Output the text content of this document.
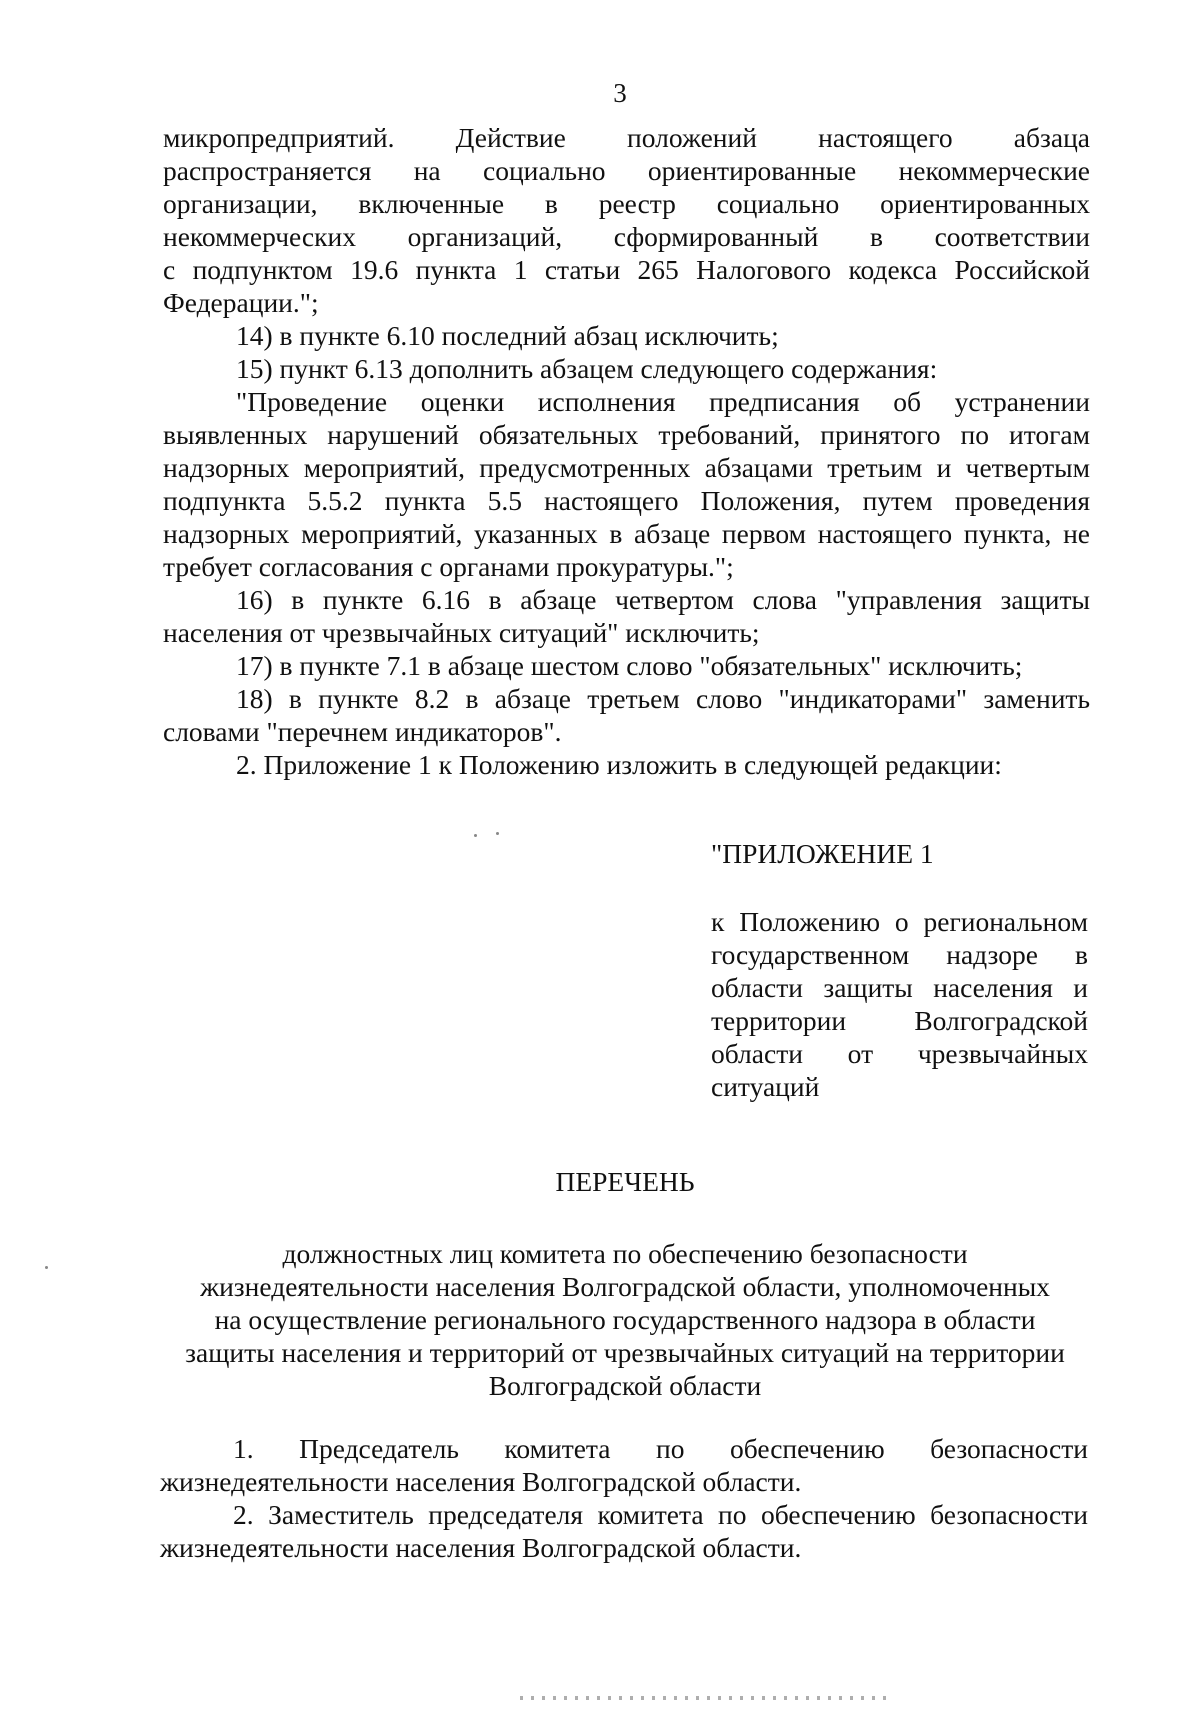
3
микропредприятий. Действие положений настоящего абзаца
распространяется на социально ориентированные некоммерческие
организации, включенные в реестр социально ориентированных
некоммерческих организаций, сформированный в соответствии
с подпунктом 19.6 пункта 1 статьи 265 Налогового кодекса Российской
Федерации.";
14) в пункте 6.10 последний абзац исключить;
15) пункт 6.13 дополнить абзацем следующего содержания:
"Проведение оценки исполнения предписания об устранении выявленных нарушений обязательных требований, принятого по итогам надзорных мероприятий, предусмотренных абзацами третьим и четвертым подпункта 5.5.2 пункта 5.5 настоящего Положения, путем проведения надзорных мероприятий, указанных в абзаце первом настоящего пункта, не требует согласования с органами прокуратуры.";
16) в пункте 6.16 в абзаце четвертом слова "управления защиты населения от чрезвычайных ситуаций" исключить;
17) в пункте 7.1 в абзаце шестом слово "обязательных" исключить;
18) в пункте 8.2 в абзаце третьем слово "индикаторами" заменить словами "перечнем индикаторов".
2. Приложение 1 к Положению изложить в следующей редакции:
"ПРИЛОЖЕНИЕ 1
к Положению о региональном государственном надзоре в области защиты населения и территории Волгоградской области от чрезвычайных ситуаций
ПЕРЕЧЕНЬ
должностных лиц комитета по обеспечению безопасности
жизнедеятельности населения Волгоградской области, уполномоченных
на осуществление регионального государственного надзора в области
защиты населения и территорий от чрезвычайных ситуаций на территории
Волгоградской области
1. Председатель комитета по обеспечению безопасности жизнедеятельности населения Волгоградской области.
2. Заместитель председателя комитета по обеспечению безопасности жизнедеятельности населения Волгоградской области.
